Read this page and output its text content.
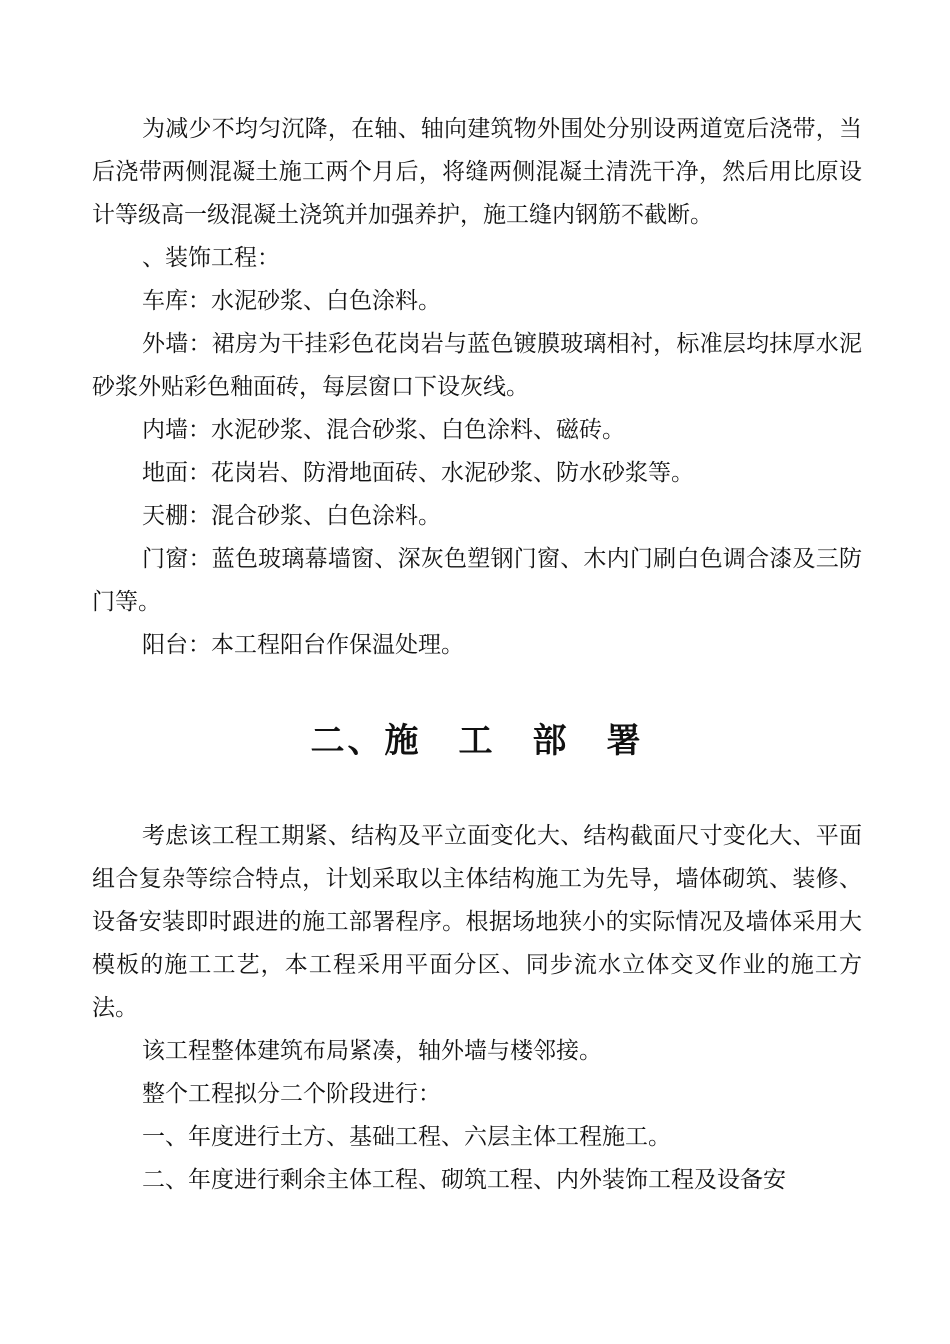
为减少不均匀沉降，在轴、轴向建筑物外围处分别设两道宽后浇带，当后浇带两侧混凝土施工两个月后，将缝两侧混凝土清洗干净，然后用比原设计等级高一级混凝土浇筑并加强养护，施工缝内钢筋不截断。

、装饰工程：

车库：水泥砂浆、白色涂料。

外墙：裙房为干挂彩色花岗岩与蓝色镀膜玻璃相衬，标准层均抹厚水泥砂浆外贴彩色釉面砖，每层窗口下设灰线。

内墙：水泥砂浆、混合砂浆、白色涂料、磁砖。

地面：花岗岩、防滑地面砖、水泥砂浆、防水砂浆等。

天棚：混合砂浆、白色涂料。

门窗：蓝色玻璃幕墙窗、深灰色塑钢门窗、木内门刷白色调合漆及三防门等。

阳台：本工程阳台作保温处理。

二、施　工　部　署

考虑该工程工期紧、结构及平立面变化大、结构截面尺寸变化大、平面组合复杂等综合特点，计划采取以主体结构施工为先导，墙体砌筑、装修、设备安装即时跟进的施工部署程序。根据场地狭小的实际情况及墙体采用大模板的施工工艺，本工程采用平面分区、同步流水立体交叉作业的施工方法。

该工程整体建筑布局紧凑，轴外墙与楼邻接。

整个工程拟分二个阶段进行：

一、年度进行土方、基础工程、六层主体工程施工。

二、年度进行剩余主体工程、砌筑工程、内外装饰工程及设备安
